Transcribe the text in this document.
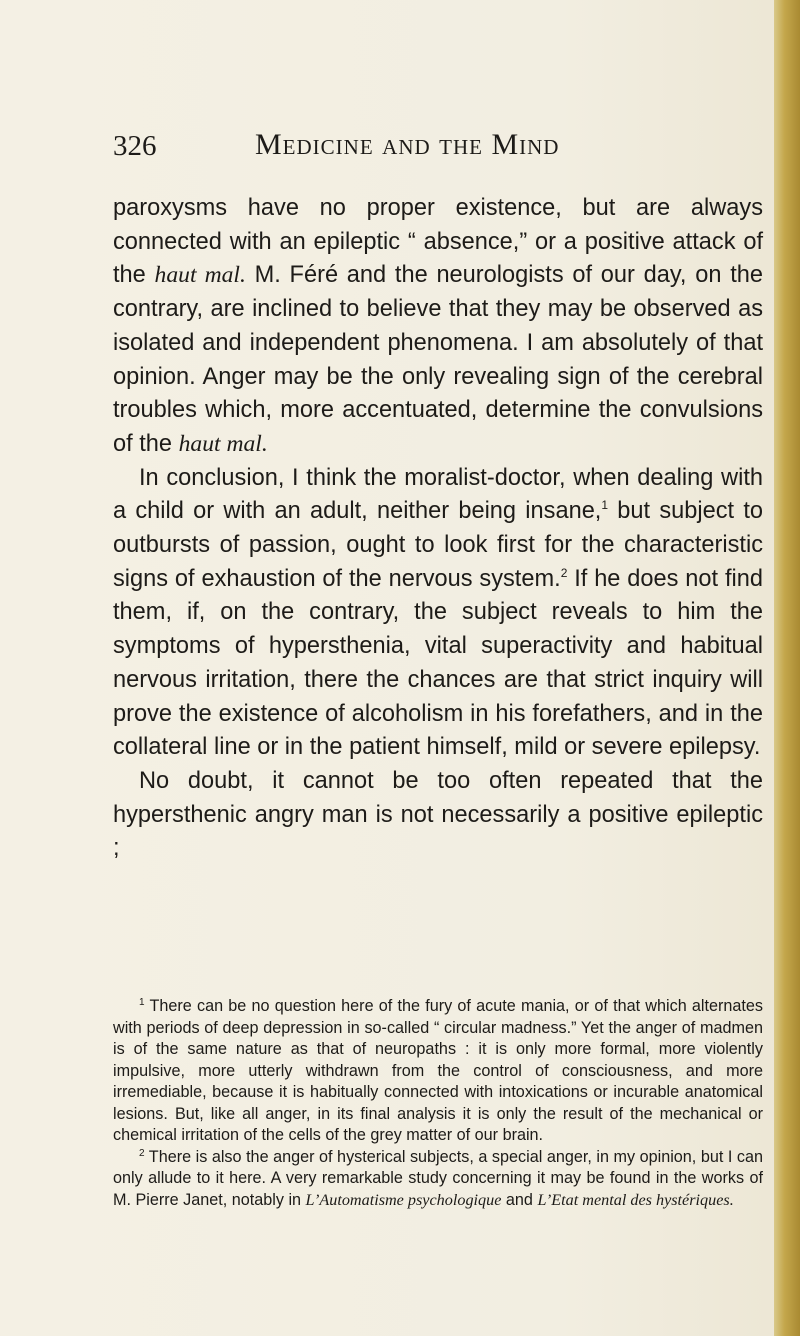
326	Medicine and the Mind

paroxysms have no proper existence, but are always connected with an epileptic “ absence,” or a positive attack of the haut mal. M. Féré and the neurologists of our day, on the contrary, are inclined to believe that they may be observed as isolated and independent phenomena. I am absolutely of that opinion. Anger may be the only revealing sign of the cerebral troubles which, more accentuated, determine the convulsions of the haut mal.

In conclusion, I think the moralist-doctor, when dealing with a child or with an adult, neither being insane,$^1$ but subject to outbursts of passion, ought to look first for the characteristic signs of exhaustion of the nervous system.$^2$ If he does not find them, if, on the contrary, the subject reveals to him the symptoms of hypersthenia, vital superactivity and habitual nervous irritation, there the chances are that strict inquiry will prove the existence of alcoholism in his forefathers, and in the collateral line or in the patient himself, mild or severe epilepsy.

No doubt, it cannot be too often repeated that the hypersthenic angry man is not necessarily a positive epileptic ;

$^1$ There can be no question here of the fury of acute mania, or of that which alternates with periods of deep depression in so-called “ circular madness.” Yet the anger of madmen is of the same nature as that of neuropaths : it is only more formal, more violently impulsive, more utterly withdrawn from the control of consciousness, and more irremediable, because it is habitually connected with intoxications or incurable anatomical lesions. But, like all anger, in its final analysis it is only the result of the mechanical or chemical irritation of the cells of the grey matter of our brain.

$^2$ There is also the anger of hysterical subjects, a special anger, in my opinion, but I can only allude to it here. A very remarkable study concerning it may be found in the works of M. Pierre Janet, notably in L’Automatisme psychologique and L’Etat mental des hystériques.
